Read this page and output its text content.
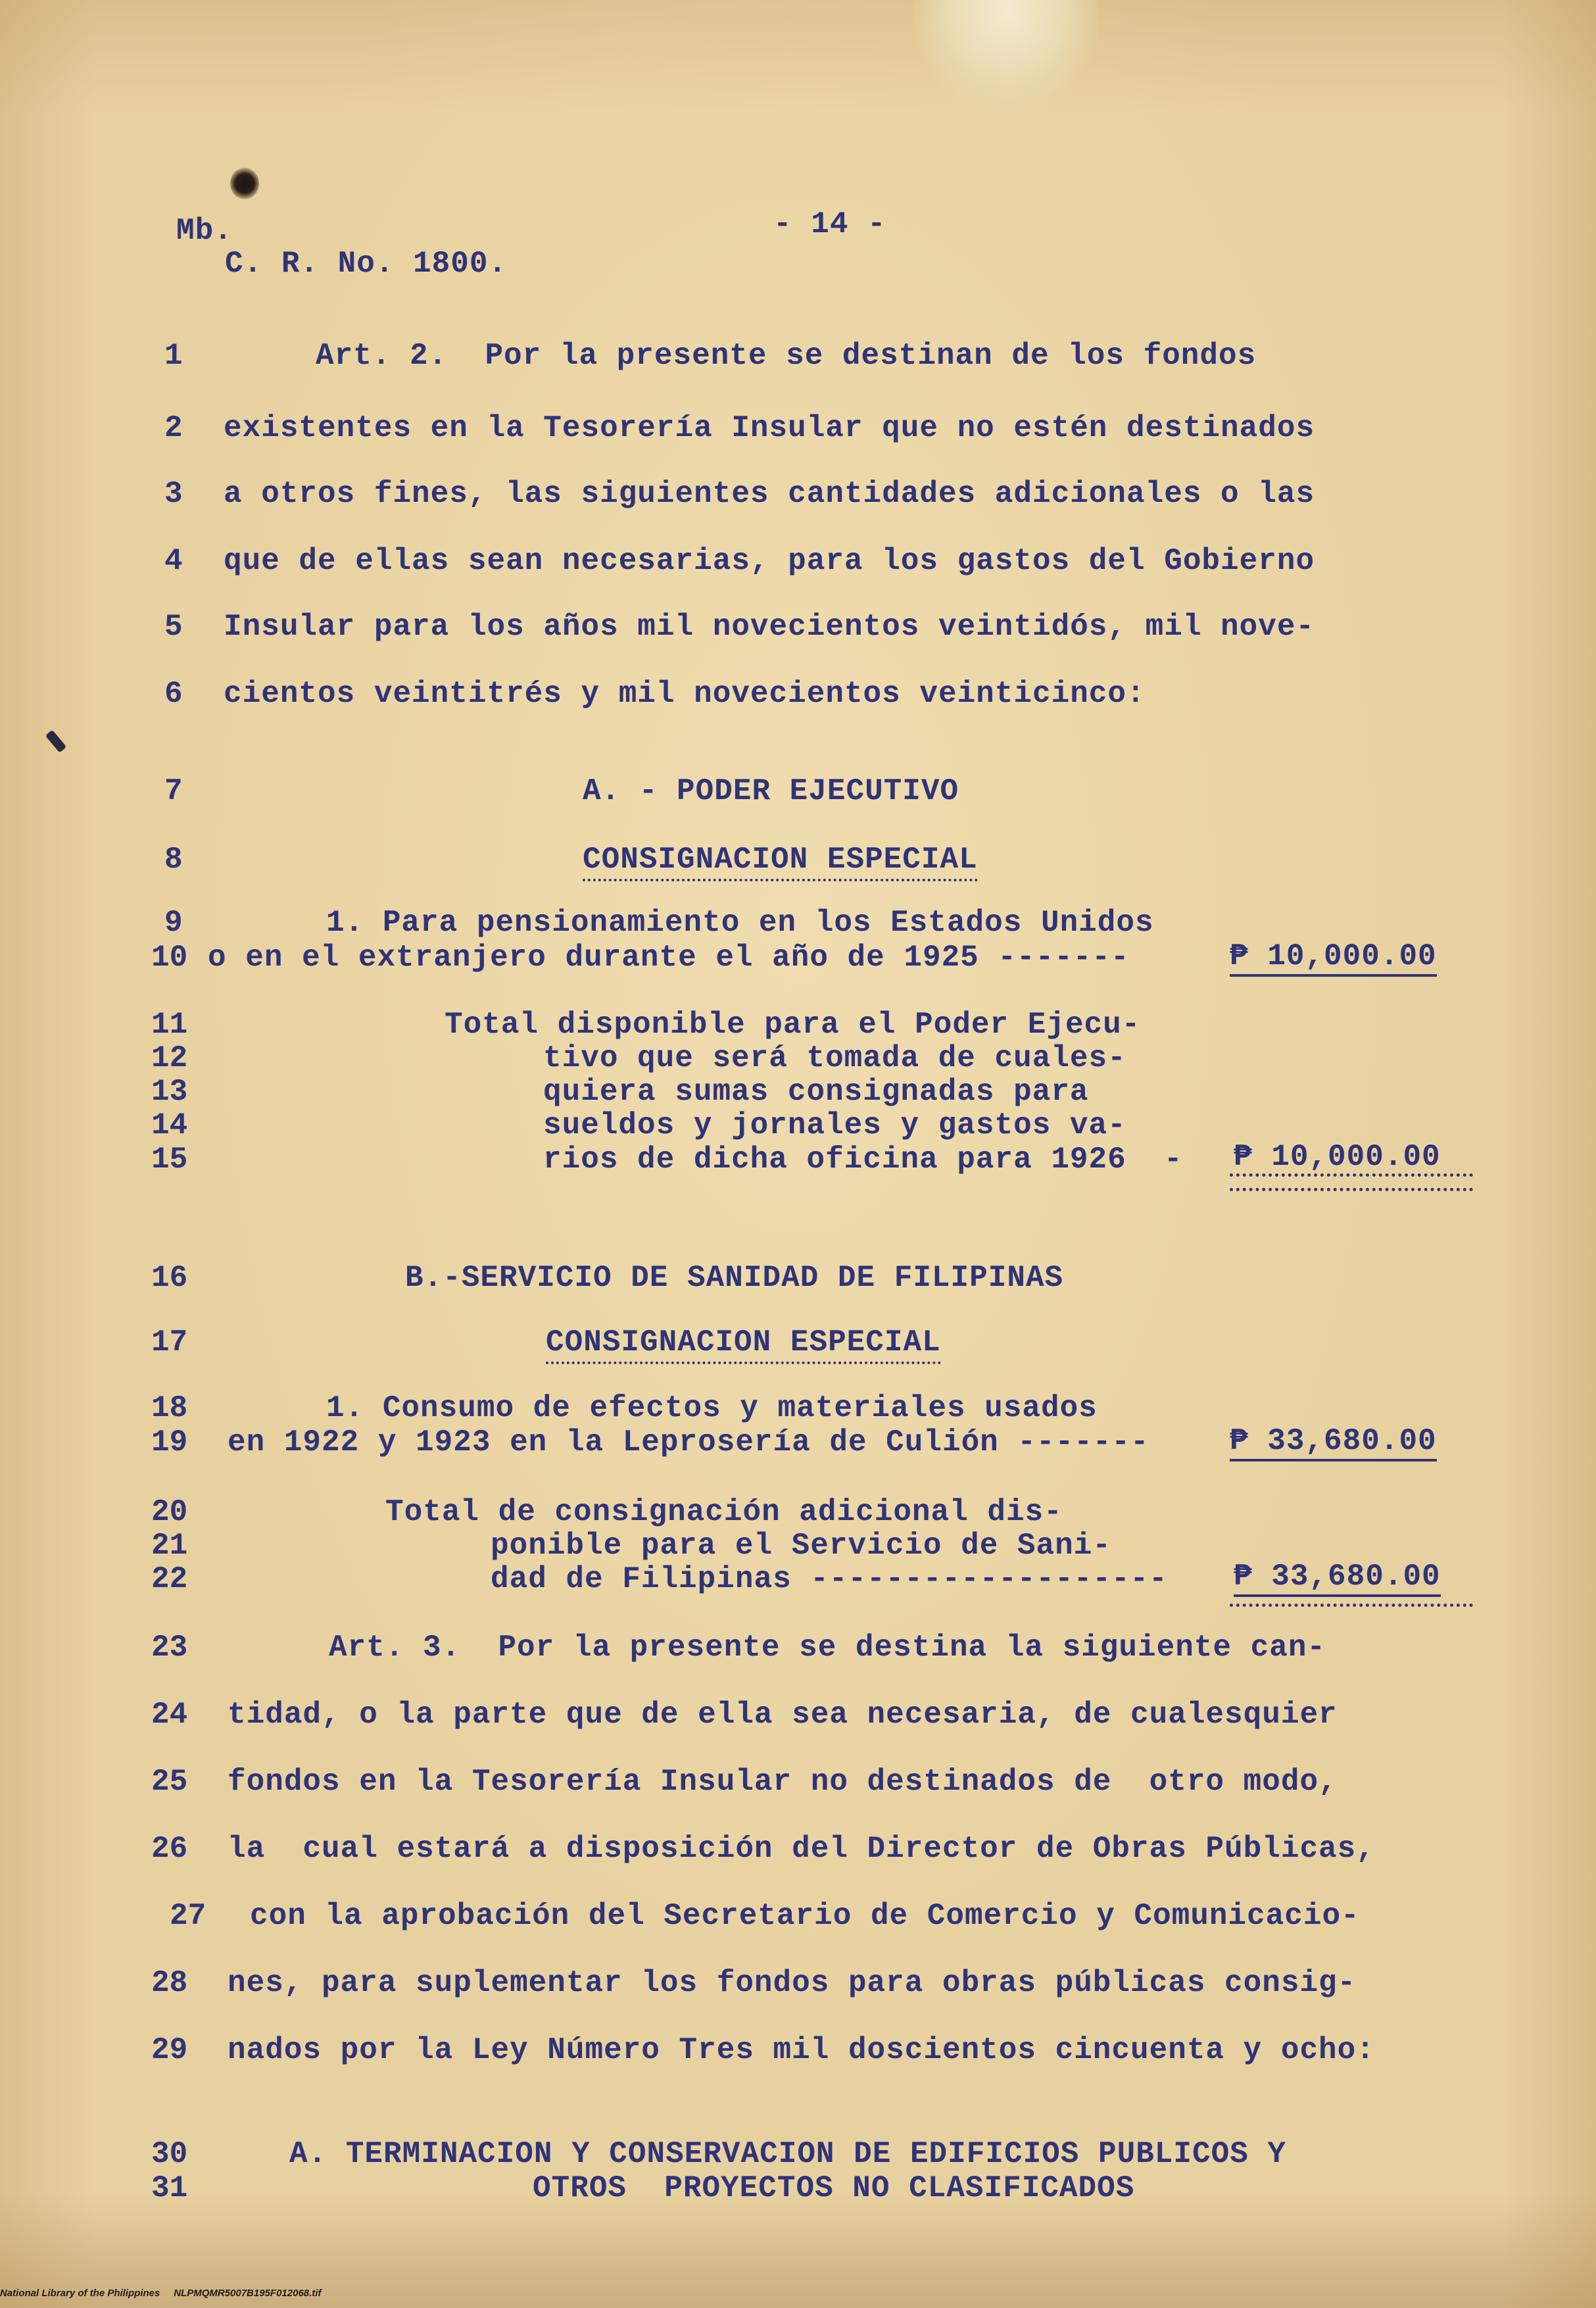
Mb.
C. R. No. 1800.
- 14 -
1
2
3
4
5
6
7
8
9
10
11
12
13
14
15
16
17
18
19
20
21
22
23
24
25
26
27
28
29
30
31
Art. 2.  Por la presente se destinan de los fondos
existentes en la Tesorería Insular que no estén destinados
a otros fines, las siguientes cantidades adicionales o las
que de ellas sean necesarias, para los gastos del Gobierno
Insular para los años mil novecientos veintidós, mil nove-
cientos veintitrés y mil novecientos veinticinco:
A. - PODER EJECUTIVO
CONSIGNACION ESPECIAL
1. Para pensionamiento en los Estados Unidos
o en el extranjero durante el año de 1925 -------	₱ 10,000.00
Total disponible para el Poder Ejecu-
tivo que será tomada de cuales-
quiera sumas consignadas para
sueldos y jornales y gastos va-
rios de dicha oficina para 1926  - ₱ 10,000.00
B.-SERVICIO DE SANIDAD DE FILIPINAS
CONSIGNACION ESPECIAL
1. Consumo de efectos y materiales usados
en 1922 y 1923 en la Leprosería de Culión -------	₱ 33,680.00
Total de consignación adicional dis-
ponible para el Servicio de Sani-
dad de Filipinas ------------------- ₱ 33,680.00
Art. 3.  Por la presente se destina la siguiente can-
tidad, o la parte que de ella sea necesaria, de cualesquier
fondos en la Tesorería Insular no destinados de  otro modo,
la  cual estará a disposición del Director de Obras Públicas,
con la aprobación del Secretario de Comercio y Comunicacio-
nes, para suplementar los fondos para obras públicas consig-
nados por la Ley Número Tres mil doscientos cincuenta y ocho:
A. TERMINACION Y CONSERVACION DE EDIFICIOS PUBLICOS Y
OTROS  PROYECTOS NO CLASIFICADOS
National Library of the Philippines     NLPMQMR5007B195F012068.tif
